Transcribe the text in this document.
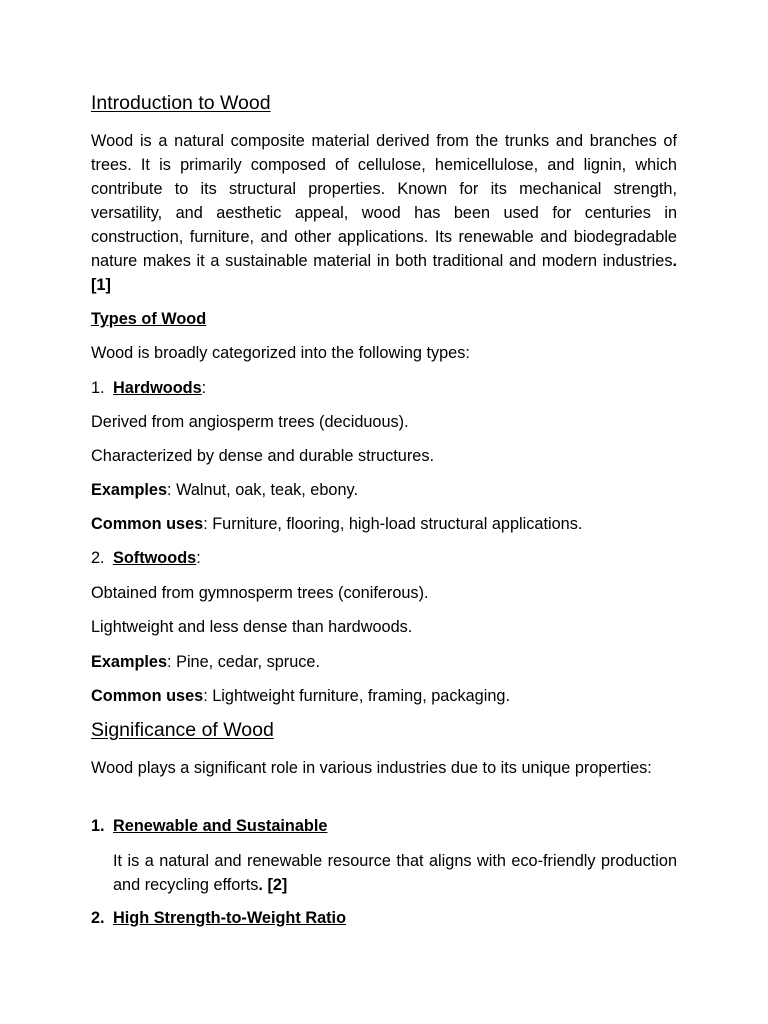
Introduction to Wood

Wood is a natural composite material derived from the trunks and branches of trees. It is primarily composed of cellulose, hemicellulose, and lignin, which contribute to its structural properties. Known for its mechanical strength, versatility, and aesthetic appeal, wood has been used for centuries in construction, furniture, and other applications. Its renewable and biodegradable nature makes it a sustainable material in both traditional and modern industries. [1]

Types of Wood

Wood is broadly categorized into the following types:

1. Hardwoods:

Derived from angiosperm trees (deciduous).

Characterized by dense and durable structures.

Examples: Walnut, oak, teak, ebony.

Common uses: Furniture, flooring, high-load structural applications.

2. Softwoods:

Obtained from gymnosperm trees (coniferous).

Lightweight and less dense than hardwoods.

Examples: Pine, cedar, spruce.

Common uses: Lightweight furniture, framing, packaging.

Significance of Wood

Wood plays a significant role in various industries due to its unique properties:

1. Renewable and Sustainable

It is a natural and renewable resource that aligns with eco-friendly production and recycling efforts. [2]

2. High Strength-to-Weight Ratio
